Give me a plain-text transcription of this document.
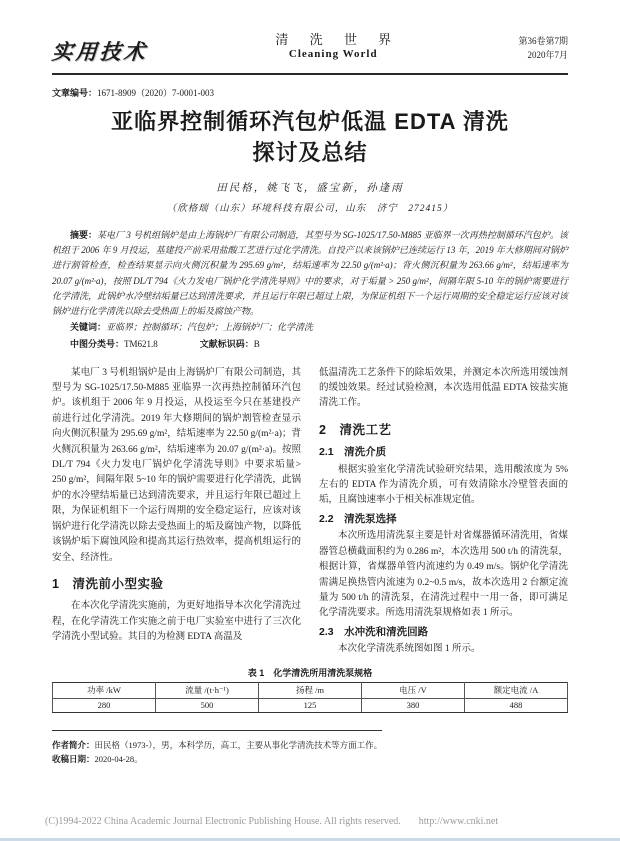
实用技术	清 洗 世 界
Cleaning World
第36卷第7期
2020年7月
文章编号：1671-8909（2020）7-0001-003
亚临界控制循环汽包炉低温 EDTA 清洗
探讨及总结
田民格，姚飞飞，盛宝新，孙逢雨
（欣格瑞（山东）环境科技有限公司，山东　济宁　272415）

摘要：某电厂 3 号机组锅炉是由上海锅炉厂有限公司制造，其型号为 SG-1025/17.50-M885 亚临界一次再热控制循环汽包炉。该机组于 2006 年 9 月投运，基建投产前采用盐酸工艺进行过化学清洗。自投产以来该锅炉已连续运行 13 年，2019 年大修期间对锅炉进行割管检查，检查结果显示向火侧沉积量为 295.69 g/m²，结垢速率为 22.50 g/(m²·a)；背火侧沉积量为 263.66 g/m²，结垢速率为 20.07 g/(m²·a)，按照 DL/T 794《火力发电厂锅炉化学清洗导则》中的要求，对于垢量 > 250 g/m²，间隔年限 5-10 年的锅炉需要进行化学清洗，此锅炉水冷壁结垢量已达到清洗要求，并且运行年限已超过上限，为保证机组下一个运行周期的安全稳定运行应该对该锅炉进行化学清洗以除去受热面上的垢及腐蚀产物。

关键词：亚临界；控制循环；汽包炉；上海锅炉厂；化学清洗

中图分类号：TM621.8	文献标识码：B

某电厂 3 号机组锅炉是由上海锅炉厂有限公司制造，其型号为 SG-1025/17.50-M885 亚临界一次再热控制循环汽包炉。该机组于 2006 年 9 月投运，从投运至今只在基建投产前进行过化学清洗。2019 年大修期间的锅炉割管检查显示向火侧沉积量为 295.69 g/m²，结垢速率为 22.50 g/(m²·a)；背火侧沉积量为 263.66 g/m²，结垢速率为 20.07 g/(m²·a)。按照 DL/T 794《火力发电厂锅炉化学清洗导则》中要求垢量> 250 g/m²，间隔年限 5~10 年的锅炉需要进行化学清洗，此锅炉的水冷壁结垢量已达到清洗要求，并且运行年限已超过上限，为保证机组下一个运行周期的安全稳定运行，应该对该锅炉进行化学清洗以除去受热面上的垢及腐蚀产物，以降低该锅炉垢下腐蚀风险和提高其运行热效率，提高机组运行的安全、经济性。

1　清洗前小型实验

在本次化学清洗实施前，为更好地指导本次化学清洗过程，在化学清洗工作实施之前于电厂实验室中进行了三次化学清洗小型试验。其目的为检测 EDTA 高温及

低温清洗工艺条件下的除垢效果，并测定本次所选用缓蚀剂的缓蚀效果。经过试验检测，本次选用低温 EDTA 铵盐实施清洗工作。

2　清洗工艺
2.1　清洗介质

根据实验室化学清洗试验研究结果，选用酸浓度为 5% 左右的 EDTA 作为清洗介质，可有效清除水冷壁管表面的垢，且腐蚀速率小于相关标准规定值。

2.2　清洗泵选择

本次所选用清洗泵主要是针对省煤器循环清洗用，省煤器管总横截面积约为 0.286 m²，本次选用 500 t/h 的清洗泵，根据计算，省煤器单管内流速约为 0.49 m/s。锅炉化学清洗需满足换热管内流速为 0.2~0.5 m/s，故本次选用 2 台额定流量为 500 t/h 的清洗泵，在清洗过程中一用一备，即可满足化学清洗要求。所选用清洗泵规格如表 1 所示。

2.3　水冲洗和清洗回路

本次化学清洗系统图如图 1 所示。

表 1　化学清洗所用清洗泵规格
功率 /kW	流量 /(t·h⁻¹)	扬程 /m	电压 /V	额定电流 /A
280	500	125	380	488
作者简介：田民格（1973-），男，本科学历，高工，主要从事化学清洗技术等方面工作。
收稿日期：2020-04-28。
(C)1994-2022 China Academic Journal Electronic Publishing House. All rights reserved. http://www.cnki.net
